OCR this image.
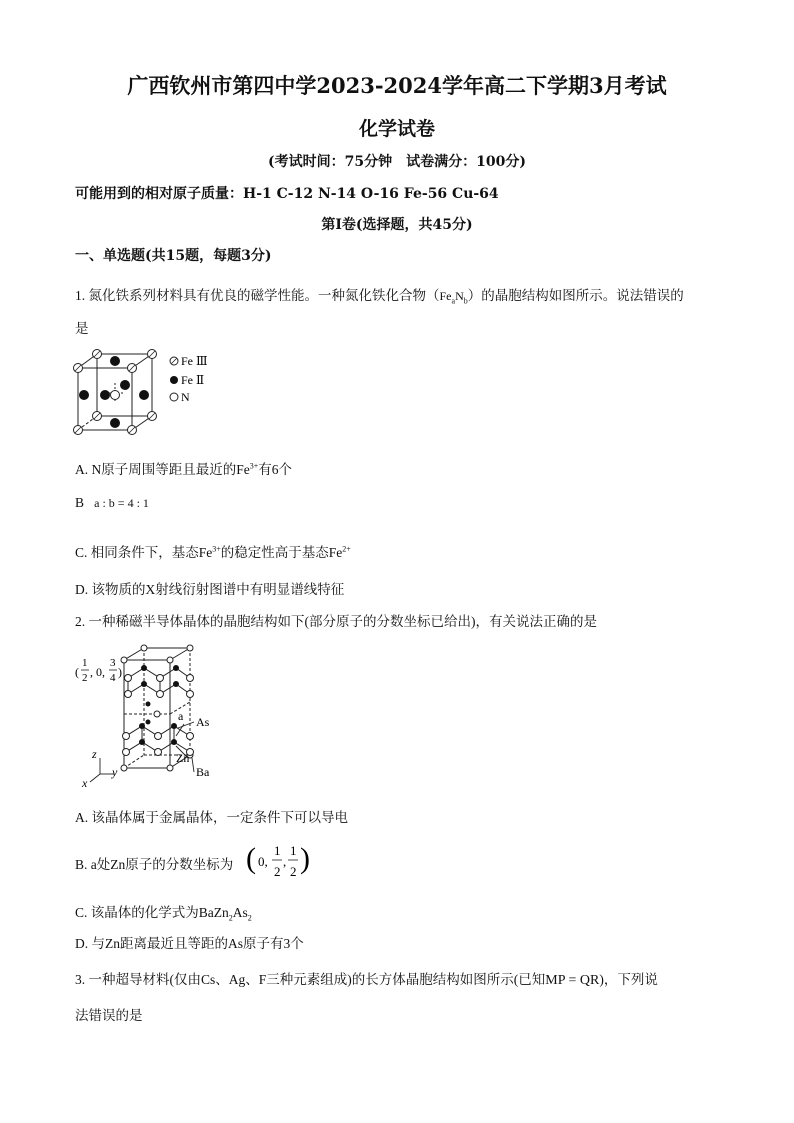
广西钦州市第四中学2023-2024学年高二下学期3月考试
化学试卷
(考试时间：75分钟　试卷满分：100分)
可能用到的相对原子质量：H-1 C-12 N-14 O-16 Fe-56 Cu-64
第Ⅰ卷(选择题，共45分)
一、单选题(共15题，每题3分)
1. 氮化铁系列材料具有优良的磁学性能。一种氮化铁化合物$(Fe_aN_b)$的晶胞结构如图所示。说法错误的
是
Fe Ⅲ
Fe Ⅱ
N
A. N原子周围等距且最近的$Fe^{3+}$有6个
B a : b = 4 : 1
C. 相同条件下，基态$Fe^{3+}$的稳定性高于基态$Fe^{2+}$
D. 该物质的X射线衍射图谱中有明显谱线特征
2. 一种稀磁半导体晶体的晶胞结构如下(部分原子的分数坐标已给出)，有关说法正确的是
(
1
2 , 0,
3
4 )
a As
Zn
Ba
z
y
x
A. 该晶体属于金属晶体，一定条件下可以导电
B. a处Zn原子的分数坐标为 ( 0,
1
2
,
1
2 )
C. 该晶体的化学式为$BaZn_2As_2$
D. 与Zn距离最近且等距的As原子有3个
3. 一种超导材料(仅由Cs、Ag、F三种元素组成)的长方体晶胞结构如图所示(已知MP = QR)，下列说
法错误的是
